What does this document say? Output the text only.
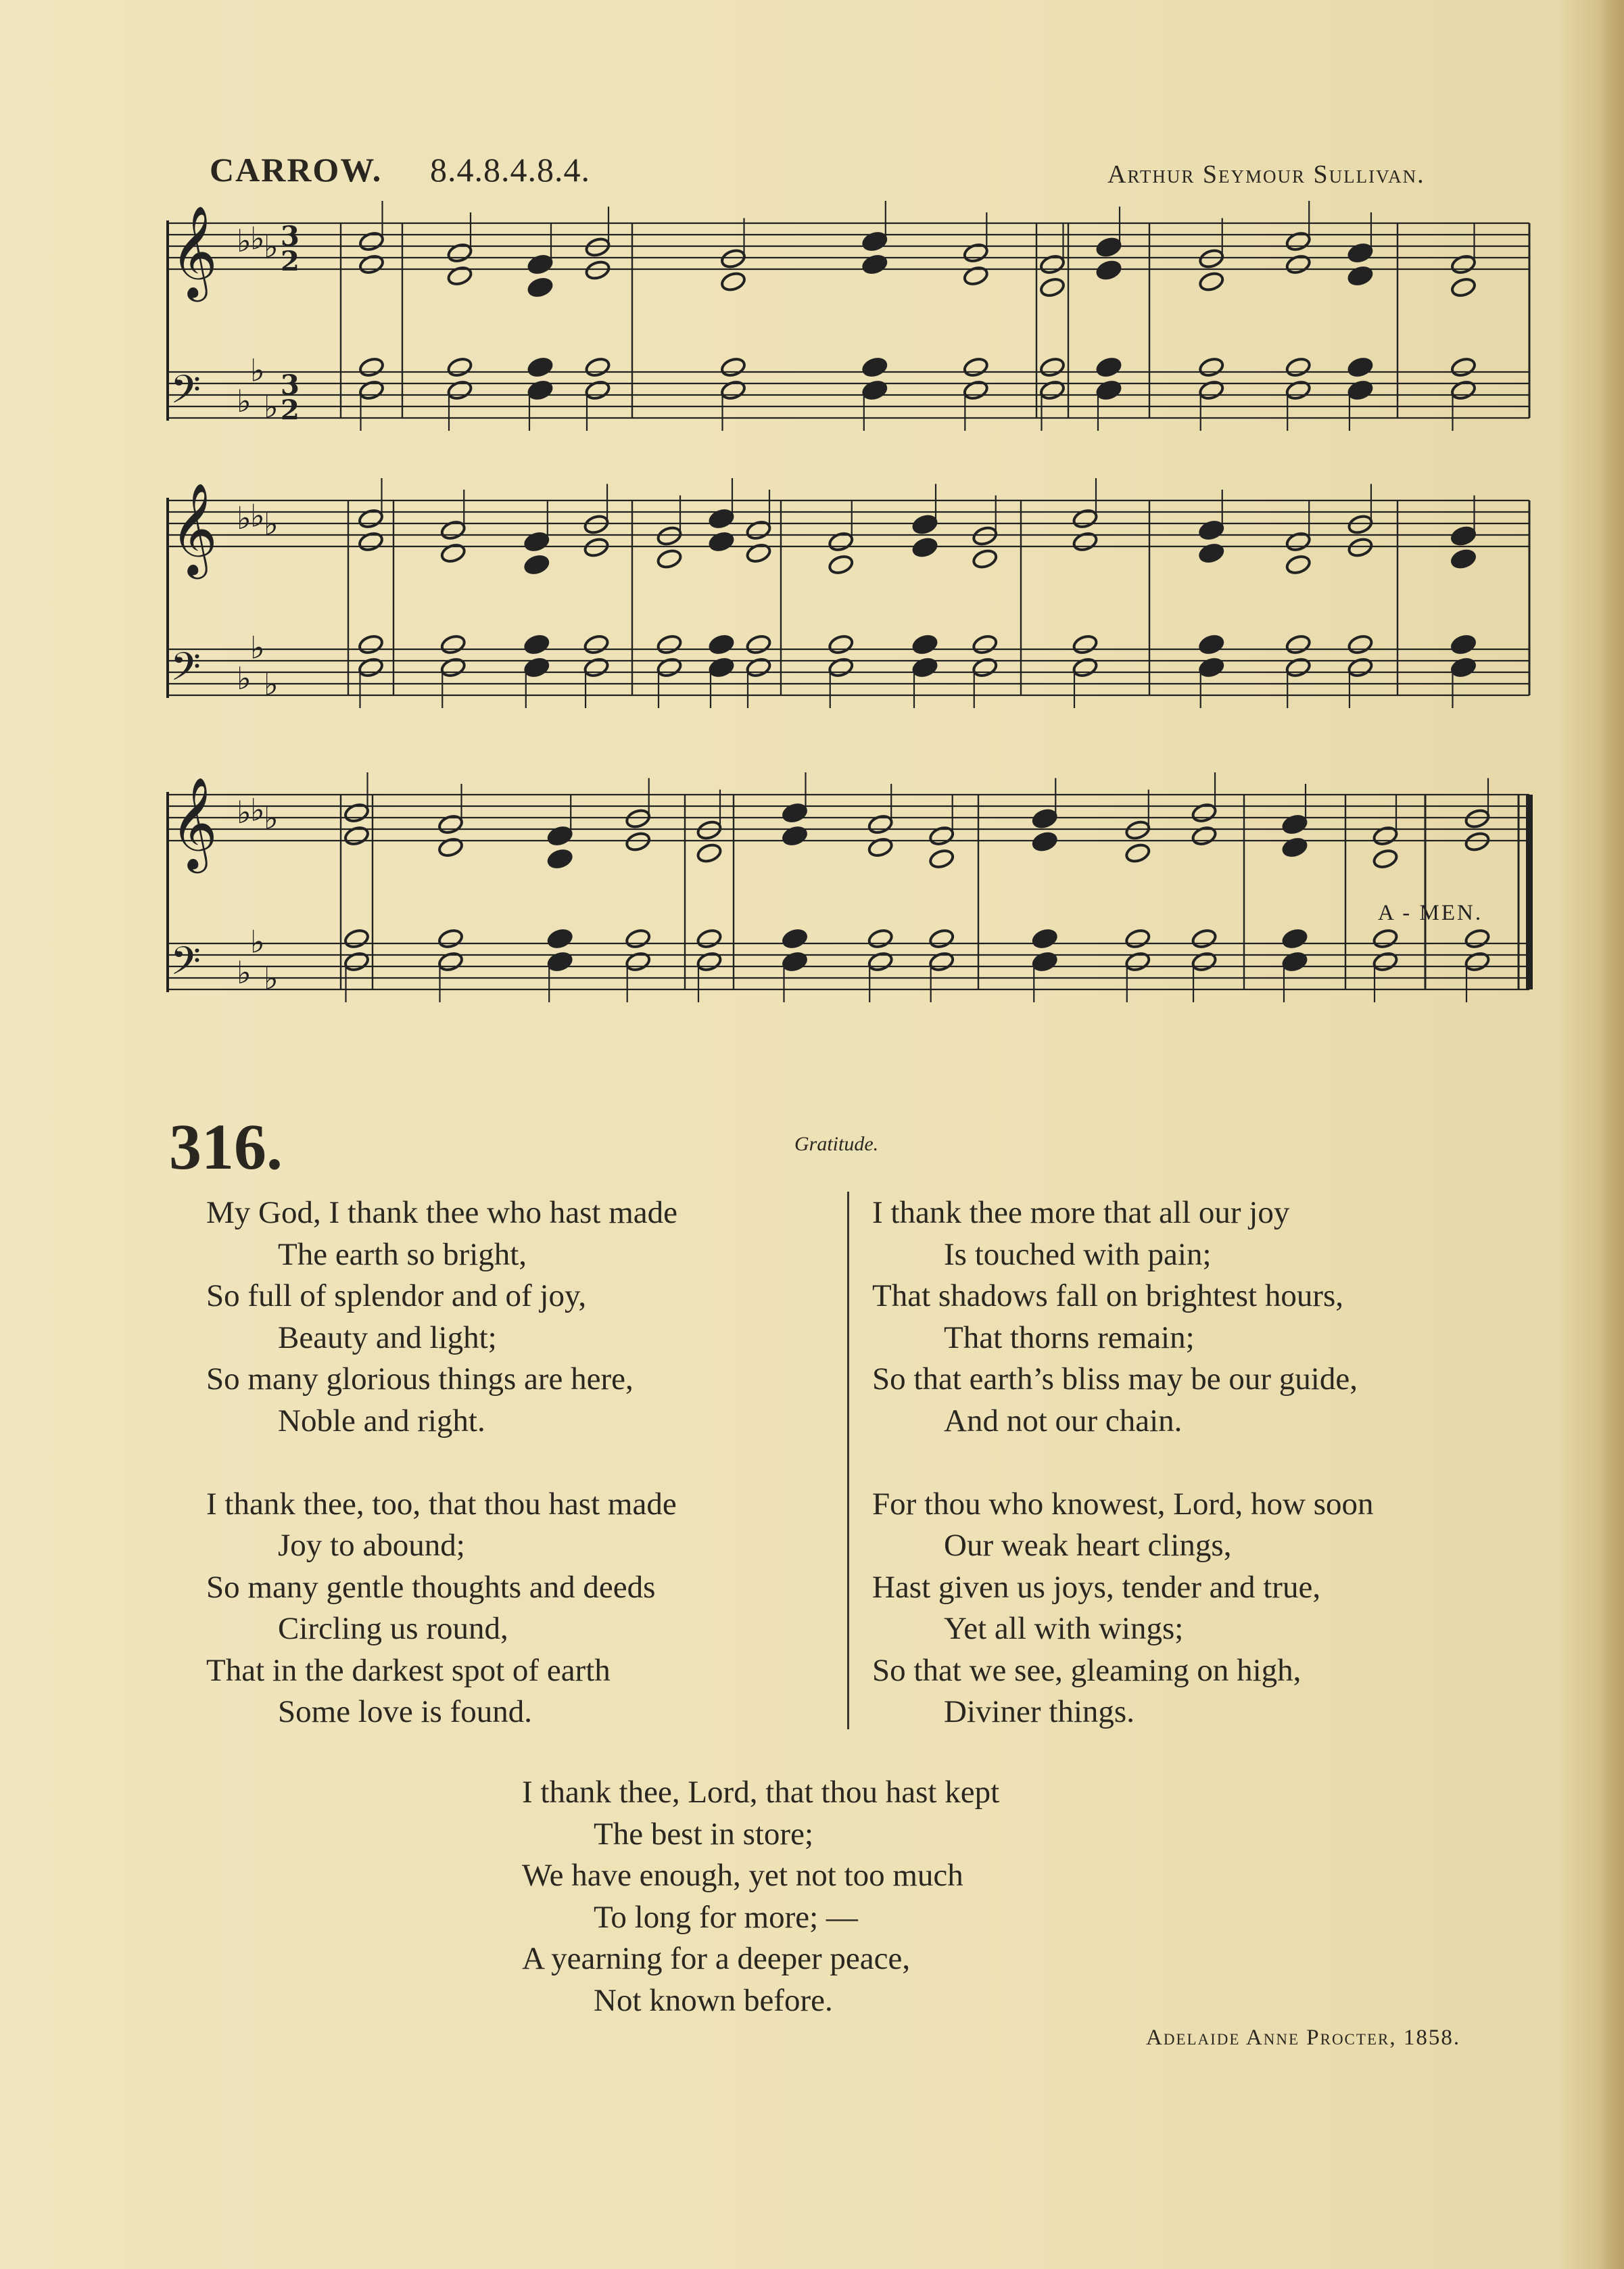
CARROW. 8.4.8.4.8.4.	Arthur Seymour Sullivan.
𝄞 ♭
♭
♭ 3
2
𝄢 ♭
♭
♭
3
2
𝄞 ♭
♭
♭
𝄢 ♭
♭
♭
𝄞 ♭
♭
♭
𝄢 ♭
♭
♭
A - MEN.
316.	Gratitude.
My God, I thank thee who hast made
The earth so bright,
So full of splendor and of joy,
Beauty and light;
So many glorious things are here,
Noble and right.
I thank thee, too, that thou hast made
Joy to abound;
So many gentle thoughts and deeds
Circling us round,
That in the darkest spot of earth
Some love is found.
I thank thee more that all our joy
Is touched with pain;
That shadows fall on brightest hours,
That thorns remain;
So that earth’s bliss may be our guide,
And not our chain.
For thou who knowest, Lord, how soon
Our weak heart clings,
Hast given us joys, tender and true,
Yet all with wings;
So that we see, gleaming on high,
Diviner things.
I thank thee, Lord, that thou hast kept
The best in store;
We have enough, yet not too much
To long for more; —
A yearning for a deeper peace,
Not known before.
Adelaide Anne Procter, 1858.
